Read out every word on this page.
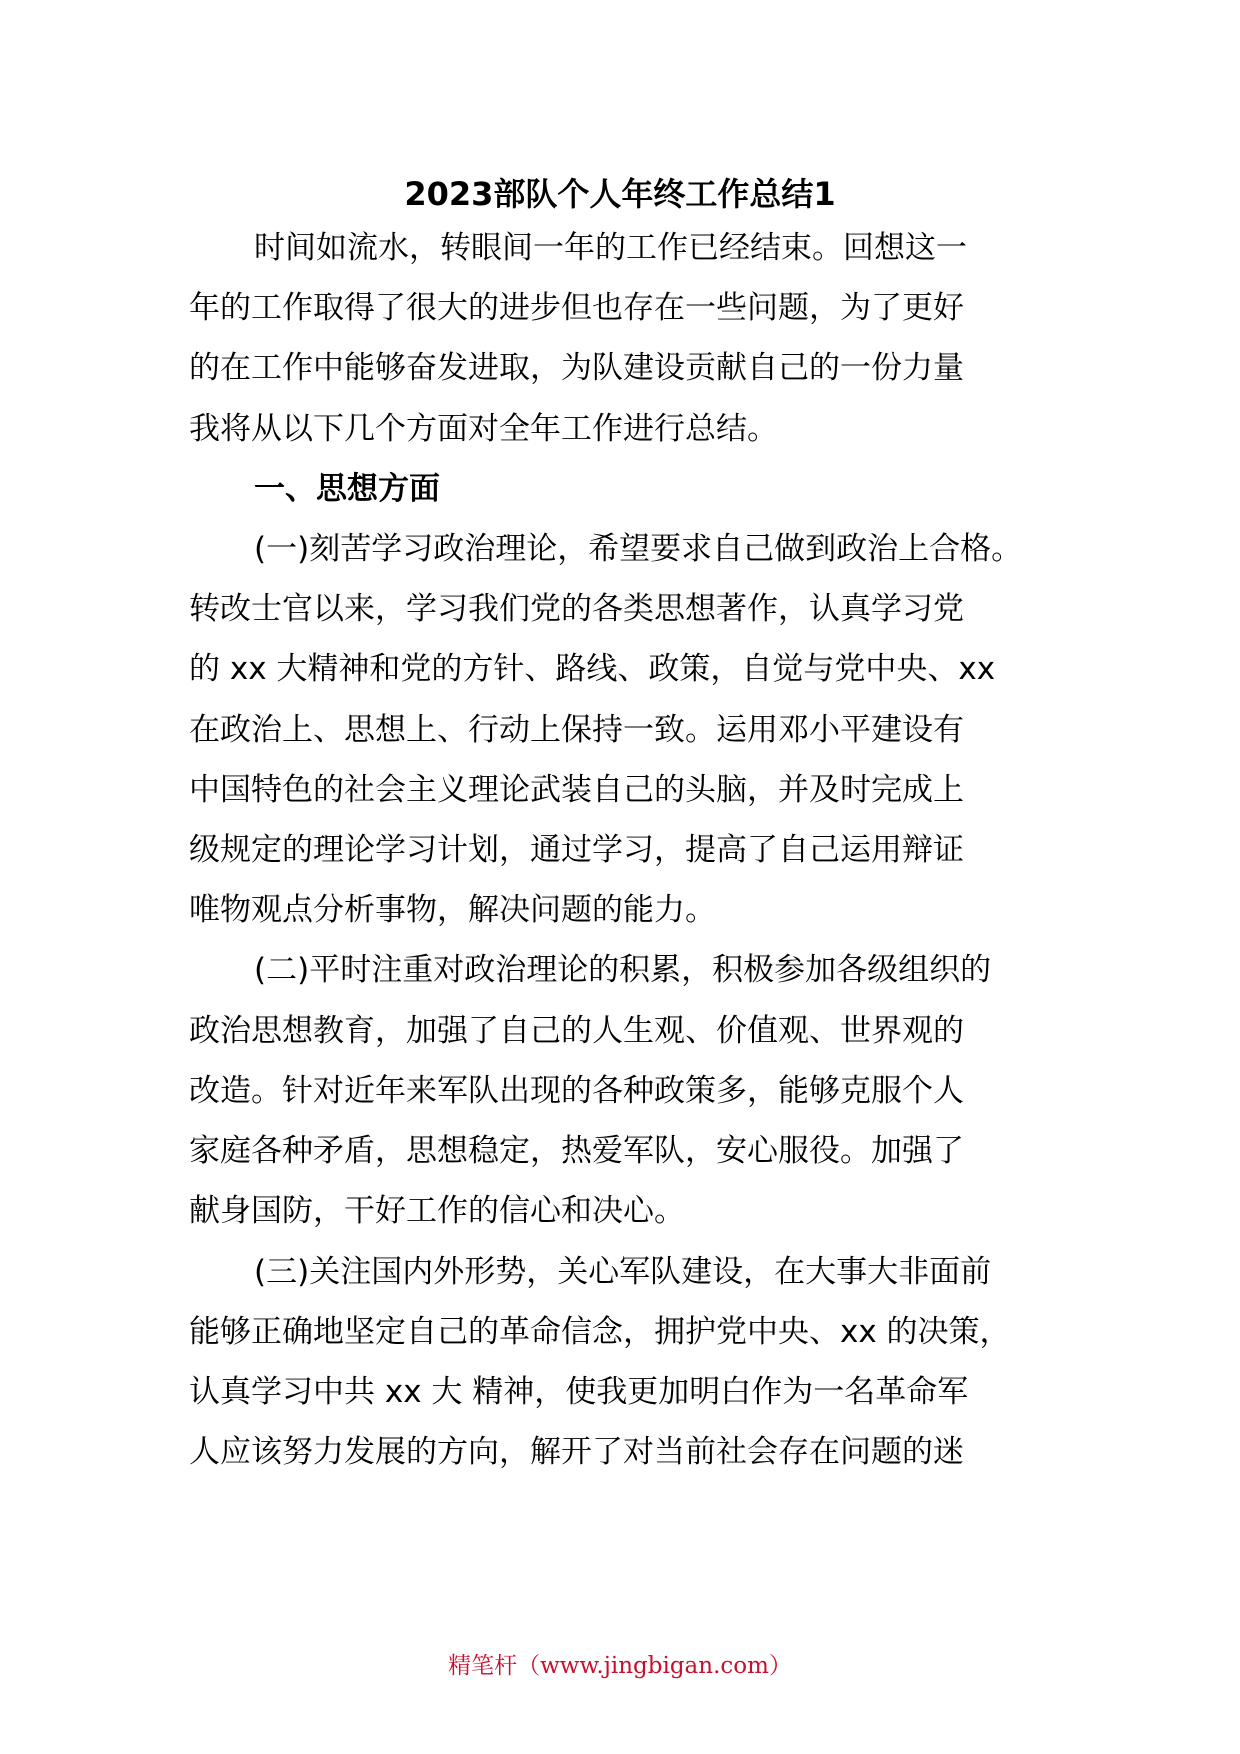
2023部队个人年终工作总结1
时间如流水，转眼间一年的工作已经结束。回想这一
年的工作取得了很大的进步但也存在一些问题，为了更好
的在工作中能够奋发进取，为队建设贡献自己的一份力量
我将从以下几个方面对全年工作进行总结。
一、思想方面
(一)刻苦学习政治理论，希望要求自己做到政治上合格。
转改士官以来，学习我们党的各类思想著作，认真学习党
的 xx 大精神和党的方针、路线、政策，自觉与党中央、xx
在政治上、思想上、行动上保持一致。运用邓小平建设有
中国特色的社会主义理论武装自己的头脑，并及时完成上
级规定的理论学习计划，通过学习，提高了自己运用辩证
唯物观点分析事物，解决问题的能力。
(二)平时注重对政治理论的积累，积极参加各级组织的
政治思想教育，加强了自己的人生观、价值观、世界观的
改造。针对近年来军队出现的各种政策多，能够克服个人
家庭各种矛盾，思想稳定，热爱军队，安心服役。加强了
献身国防，干好工作的信心和决心。
(三)关注国内外形势，关心军队建设，在大事大非面前
能够正确地坚定自己的革命信念，拥护党中央、xx 的决策，
认真学习中共 xx 大 精神，使我更加明白作为一名革命军
人应该努力发展的方向，解开了对当前社会存在问题的迷
精笔杆（www.jingbigan.com）
